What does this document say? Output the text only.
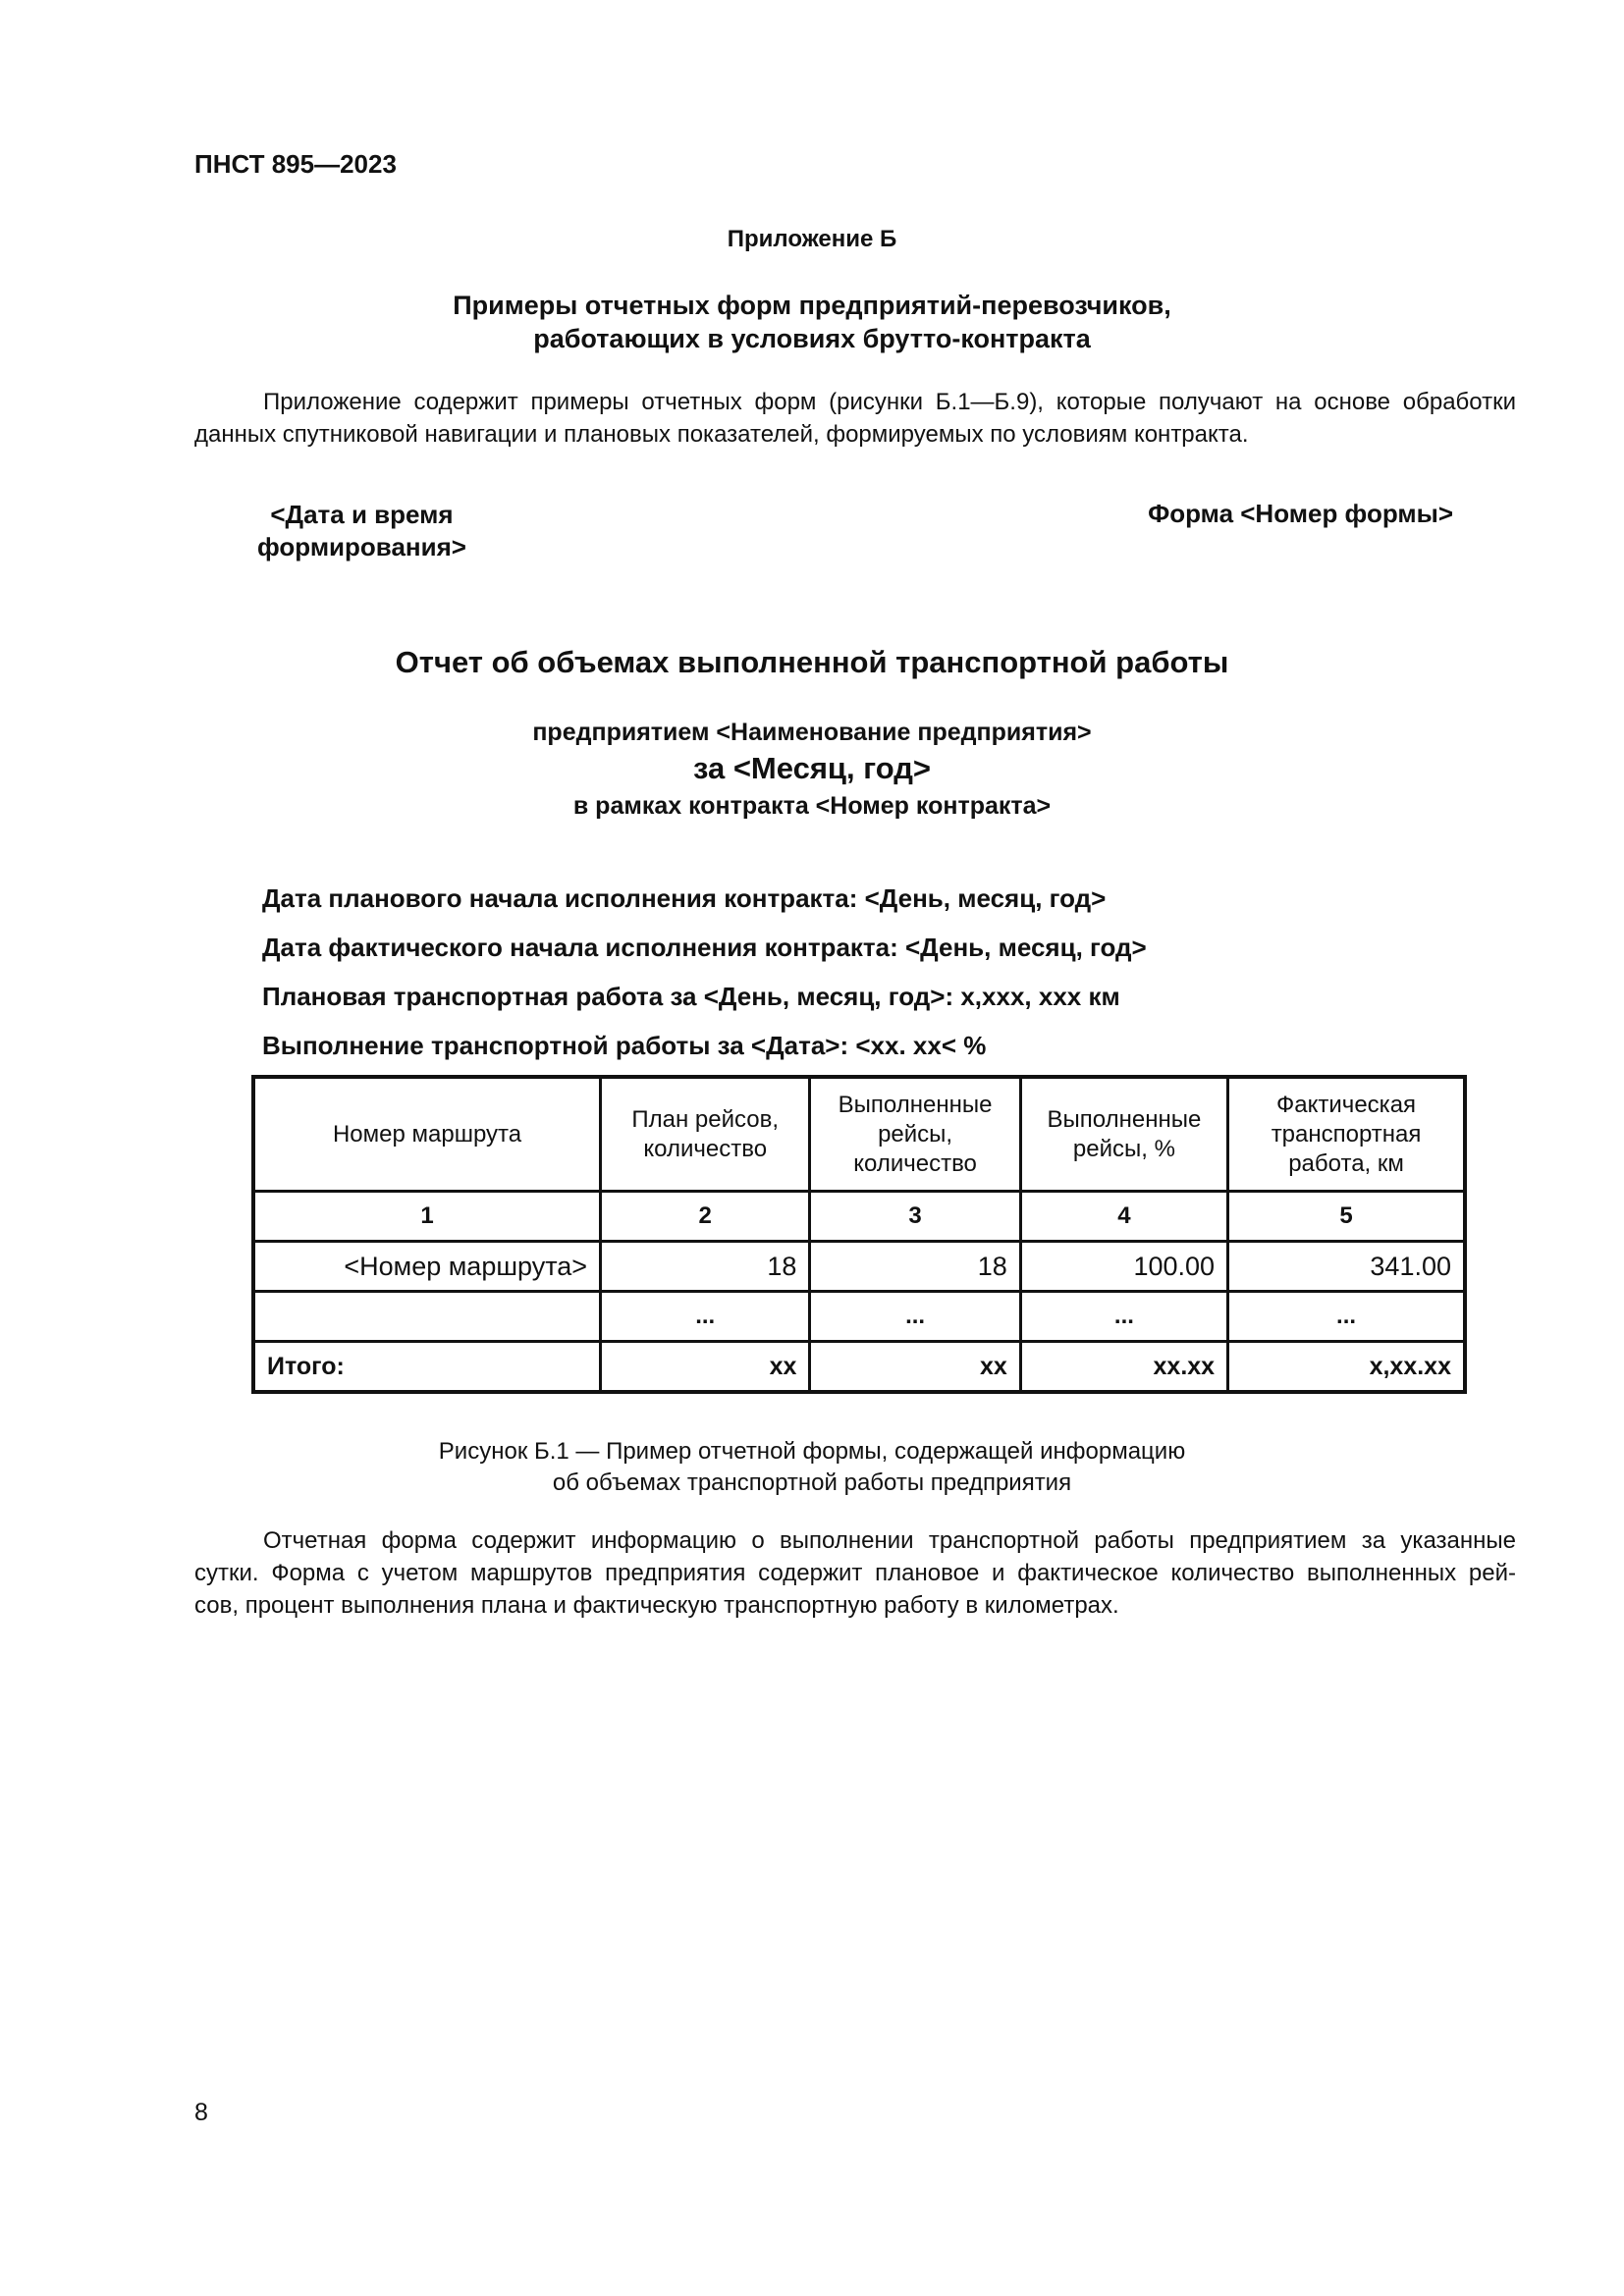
ПНСТ 895—2023
Приложение Б
Примеры отчетных форм предприятий-перевозчиков,
работающих в условиях брутто-контракта

Приложение содержит примеры отчетных форм (рисунки Б.1—Б.9), которые получают на основе обработки

данных спутниковой навигации и плановых показателей, формируемых по условиям контракта.

<Дата и время
формирования>
Форма <Номер формы>
Отчет об объемах выполненной транспортной работы
предприятием <Наименование предприятия>
за <Месяц, год>
в рамках контракта <Номер контракта>
Дата планового начала исполнения контракта: <День, месяц, год>
Дата фактического начала исполнения контракта: <День, месяц, год>
Плановая транспортная работа за <День, месяц, год>: x,xxx, xxx км
Выполнение транспортной работы за <Дата>: <xx. xx< %
Номер маршрута	План рейсов, количество	Выполненные рейсы, количество	Выполненные рейсы, %	Фактическая транспортная работа, км
1	2	3	4	5
<Номер маршрута>	18	18	100.00	341.00
	...	...	...	...
Итого:	xx	xx	xx.xx	x,xx.xx
Рисунок Б.1 — Пример отчетной формы, содержащей информацию
об объемах транспортной работы предприятия

Отчетная форма содержит информацию о выполнении транспортной работы предприятием за указанные

сутки. Форма с учетом маршрутов предприятия содержит плановое и фактическое количество выполненных рей-

сов, процент выполнения плана и фактическую транспортную работу в километрах.

8
